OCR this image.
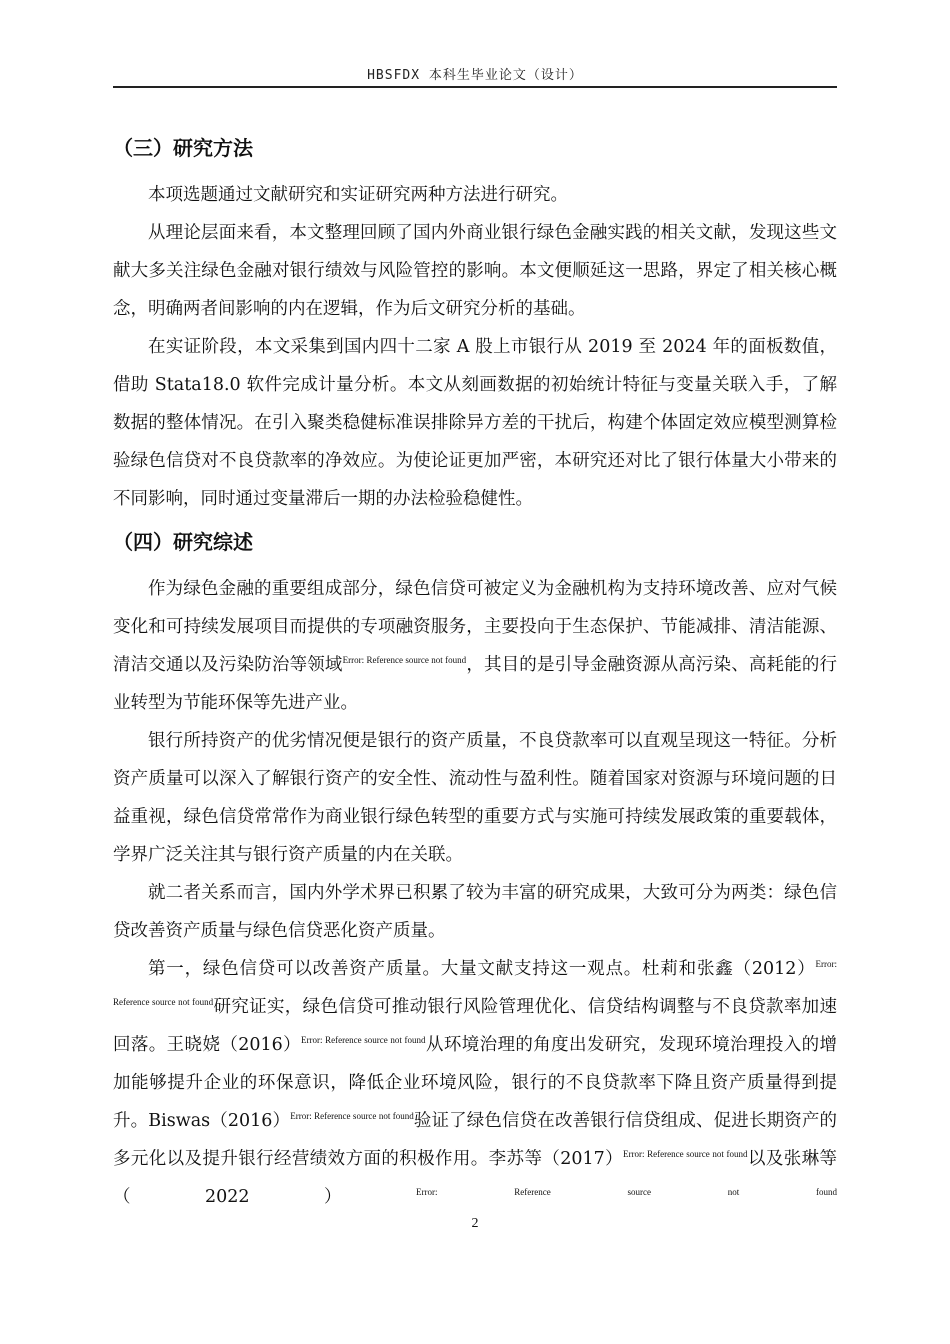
HBSFDX 本科生毕业论文（设计）
（三）研究方法

本项选题通过文献研究和实证研究两种方法进行研究。

从理论层面来看，本文整理回顾了国内外商业银行绿色金融实践的相关文献，发现这些文献大多关注绿色金融对银行绩效与风险管控的影响。本文便顺延这一思路，界定了相关核心概念，明确两者间影响的内在逻辑，作为后文研究分析的基础。

在实证阶段，本文采集到国内四十二家 A 股上市银行从 2019 至 2024 年的面板数值，借助 Stata18.0 软件完成计量分析。本文从刻画数据的初始统计特征与变量关联入手，了解数据的整体情况。在引入聚类稳健标准误排除异方差的干扰后，构建个体固定效应模型测算检验绿色信贷对不良贷款率的净效应。为使论证更加严密，本研究还对比了银行体量大小带来的不同影响，同时通过变量滞后一期的办法检验稳健性。

（四）研究综述

作为绿色金融的重要组成部分，绿色信贷可被定义为金融机构为支持环境改善、应对气候变化和可持续发展项目而提供的专项融资服务，主要投向于生态保护、节能减排、清洁能源、清洁交通以及污染防治等领域$^{Error: Reference source not found}$，其目的是引导金融资源从高污染、高耗能的行业转型为节能环保等先进产业。

银行所持资产的优劣情况便是银行的资产质量，不良贷款率可以直观呈现这一特征。分析资产质量可以深入了解银行资产的安全性、流动性与盈利性。随着国家对资源与环境问题的日益重视，绿色信贷常常作为商业银行绿色转型的重要方式与实施可持续发展政策的重要载体，学界广泛关注其与银行资产质量的内在关联。

就二者关系而言，国内外学术界已积累了较为丰富的研究成果，大致可分为两类：绿色信贷改善资产质量与绿色信贷恶化资产质量。

第一，绿色信贷可以改善资产质量。大量文献支持这一观点。杜莉和张鑫（2012）$^{Error: Reference source not found}$研究证实，绿色信贷可推动银行风险管理优化、信贷结构调整与不良贷款率加速回落。王晓娆（2016）$^{Error: Reference source not found}$从环境治理的角度出发研究，发现环境治理投入的增加能够提升企业的环保意识，降低企业环境风险，银行的不良贷款率下降且资产质量得到提升。Biswas（2016）$^{Error: Reference source not found}$验证了绿色信贷在改善银行信贷组成、促进长期资产的多元化以及提升银行经营绩效方面的积极作用。李苏等（2017）$^{Error: Reference source not found}$以及张琳等（2022）$^{Error: Reference source not found}$

2
